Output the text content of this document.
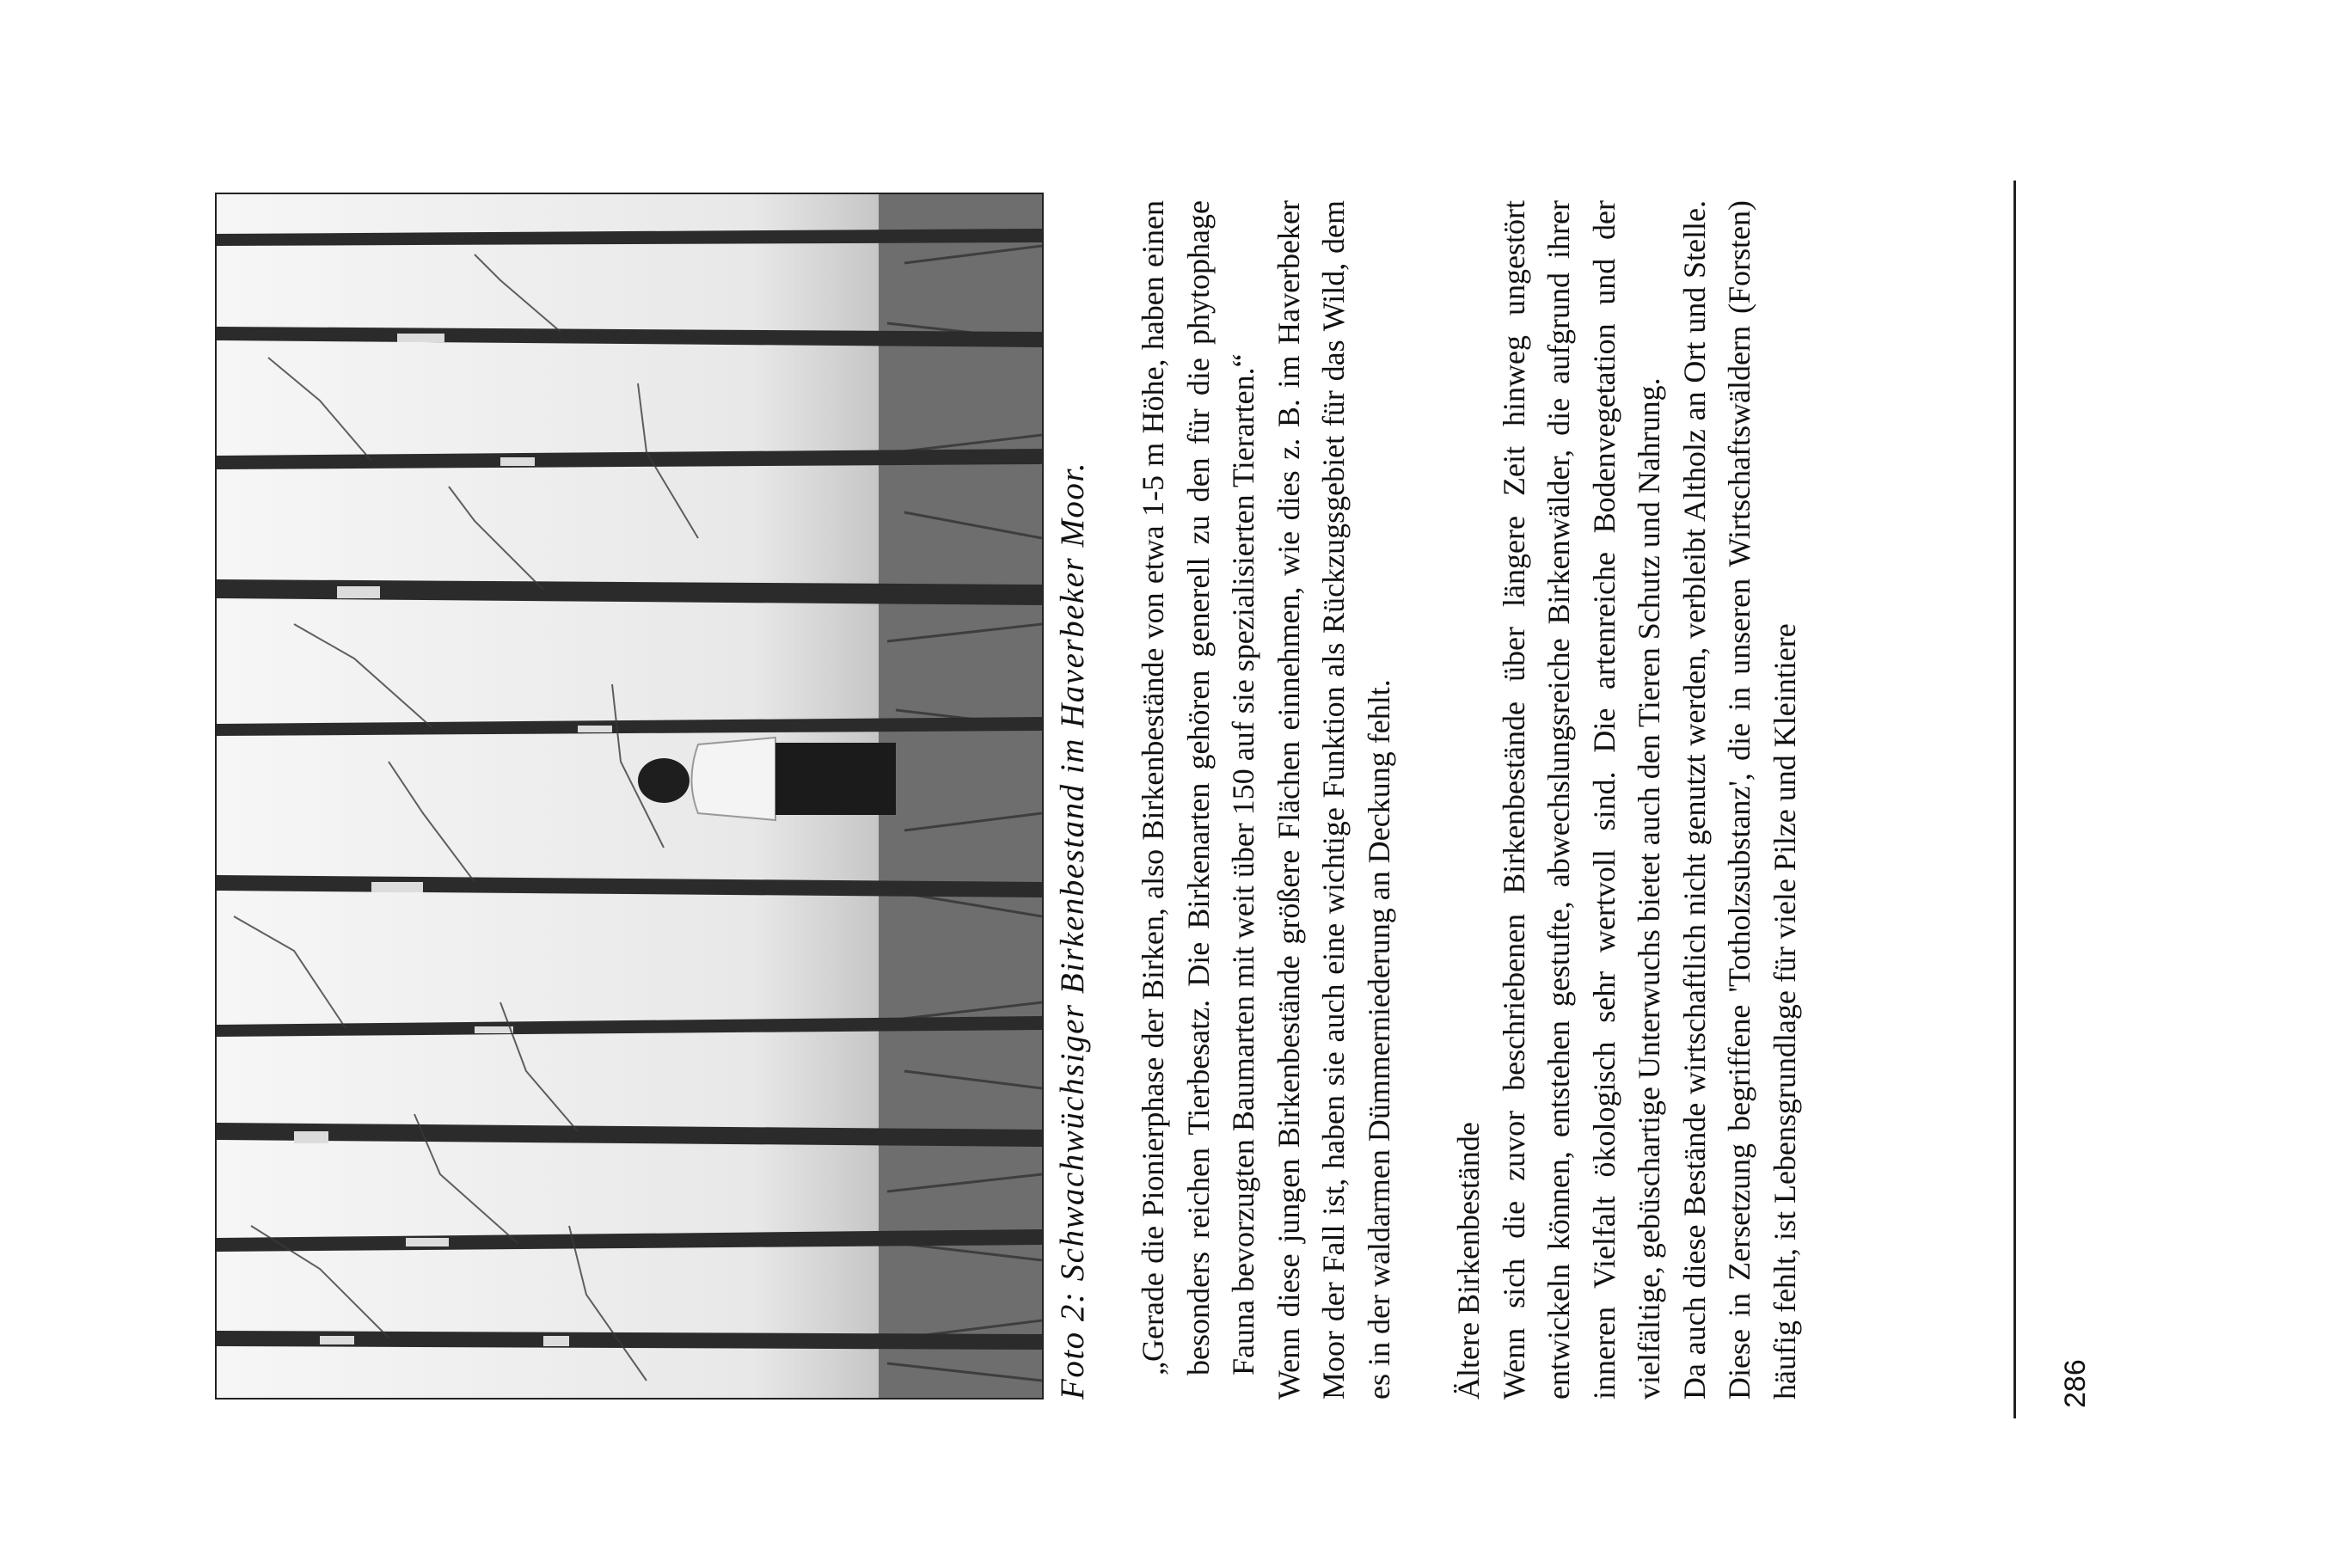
Foto 2: Schwachwüchsiger Birkenbestand im Haverbeker Moor. „Gerade die Pionierphase der Birken, also Birkenbestände von etwa 1-5 m Höhe, haben einen besonders reichen Tierbesatz. Die Birkenarten gehören generell zu den für die phytophage Fauna bevorzugten Baumarten mit weit über 150 auf sie spezialisierten Tierarten.“ Wenn diese jungen Birkenbestände größere Flächen einnehmen, wie dies z. B. im Haverbeker Moor der Fall ist, haben sie auch eine wichtige Funktion als Rückzugsgebiet für das Wild, dem es in der waldarmen Dümmerniederung an Deckung fehlt. Ältere Birkenbestände Wenn sich die zuvor beschriebenen Birkenbestände über längere Zeit hinweg ungestört entwickeln können, entstehen gestufte, abwechslungsreiche Birkenwälder, die aufgrund ihrer inneren Vielfalt ökologisch sehr wertvoll sind. Die artenreiche Bodenvegetation und der vielfältige, gebüschartige Unterwuchs bietet auch den Tieren Schutz und Nahrung. Da auch diese Bestände wirtschaftlich nicht genutzt werden, verbleibt Altholz an Ort und Stelle. Diese in Zersetzung begriffene 'Totholzsubstanz', die in unseren Wirtschaftswäldern (Forsten) häufig fehlt, ist Lebensgrundlage für viele Pilze und Kleintiere	286
